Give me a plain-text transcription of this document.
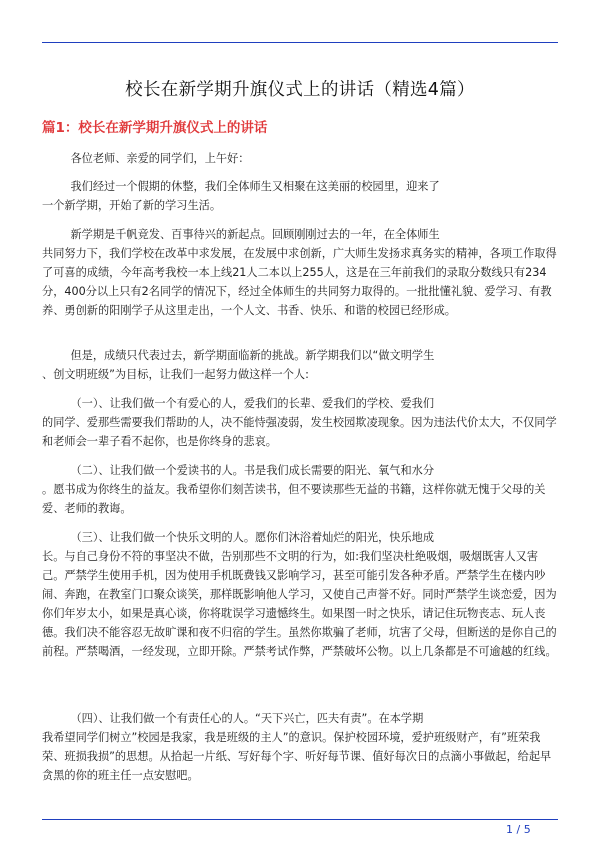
校长在新学期升旗仪式上的讲话（精选4篇）
篇1：校长在新学期升旗仪式上的讲话

各位老师、亲爱的同学们，上午好：

我们经过一个假期的休整，我们全体师生又相聚在这美丽的校园里，迎来了
一个新学期，开始了新的学习生活。

新学期是千帆竞发、百事待兴的新起点。回顾刚刚过去的一年，在全体师生
共同努力下，我们学校在改革中求发展，在发展中求创新，广大师生发扬求真务实的精神，各项工作取得了可喜的成绩，今年高考我校一本上线21人二本以上255人，这是在三年前我们的录取分数线只有234分，400分以上只有2名同学的情况下，经过全体师生的共同努力取得的。一批批懂礼貌、爱学习、有教养、勇创新的阳刚学子从这里走出，一个人文、书香、快乐、和谐的校园已经形成。

但是，成绩只代表过去，新学期面临新的挑战。新学期我们以“做文明学生
、创文明班级”为目标，让我们一起努力做这样一个人:

（一）、让我们做一个有爱心的人，爱我们的长辈、爱我们的学校、爱我们
的同学、爱那些需要我们帮助的人，决不能恃强凌弱，发生校园欺凌现象。因为违法代价太大，不仅同学和老师会一辈子看不起你，也是你终身的悲哀。

（二）、让我们做一个爱读书的人。书是我们成长需要的阳光、氧气和水分
。愿书成为你终生的益友。我希望你们刻苦读书，但不要读那些无益的书籍，这样你就无愧于父母的关爱、老师的教诲。

（三）、让我们做一个快乐文明的人。愿你们沐浴着灿烂的阳光，快乐地成
长。与自己身份不符的事坚决不做，告别那些不文明的行为，如:我们坚决杜绝吸烟，吸烟既害人又害己。严禁学生使用手机，因为使用手机既费钱又影响学习，甚至可能引发各种矛盾。严禁学生在楼内吵闹、奔跑，在教室门口聚众谈笑，那样既影响他人学习，又使自己声誉不好。同时严禁学生谈恋爱，因为你们年岁太小，如果是真心谈，你将耽误学习遗憾终生。如果图一时之快乐，请记住玩物丧志、玩人丧德。我们决不能容忍无故旷课和夜不归宿的学生。虽然你欺骗了老师，坑害了父母，但断送的是你自己的前程。严禁喝酒，一经发现，立即开除。严禁考试作弊，严禁破坏公物。以上几条都是不可逾越的红线。

（四）、让我们做一个有责任心的人。“天下兴亡，匹夫有责”。在本学期
我希望同学们树立”校园是我家，我是班级的主人”的意识。保护校园环境，爱护班级财产，有”班荣我荣、班损我损”的思想。从拾起一片纸、写好每个字、听好每节课、值好每次日的点滴小事做起，给起早贪黑的你的班主任一点安慰吧。

1 / 5
